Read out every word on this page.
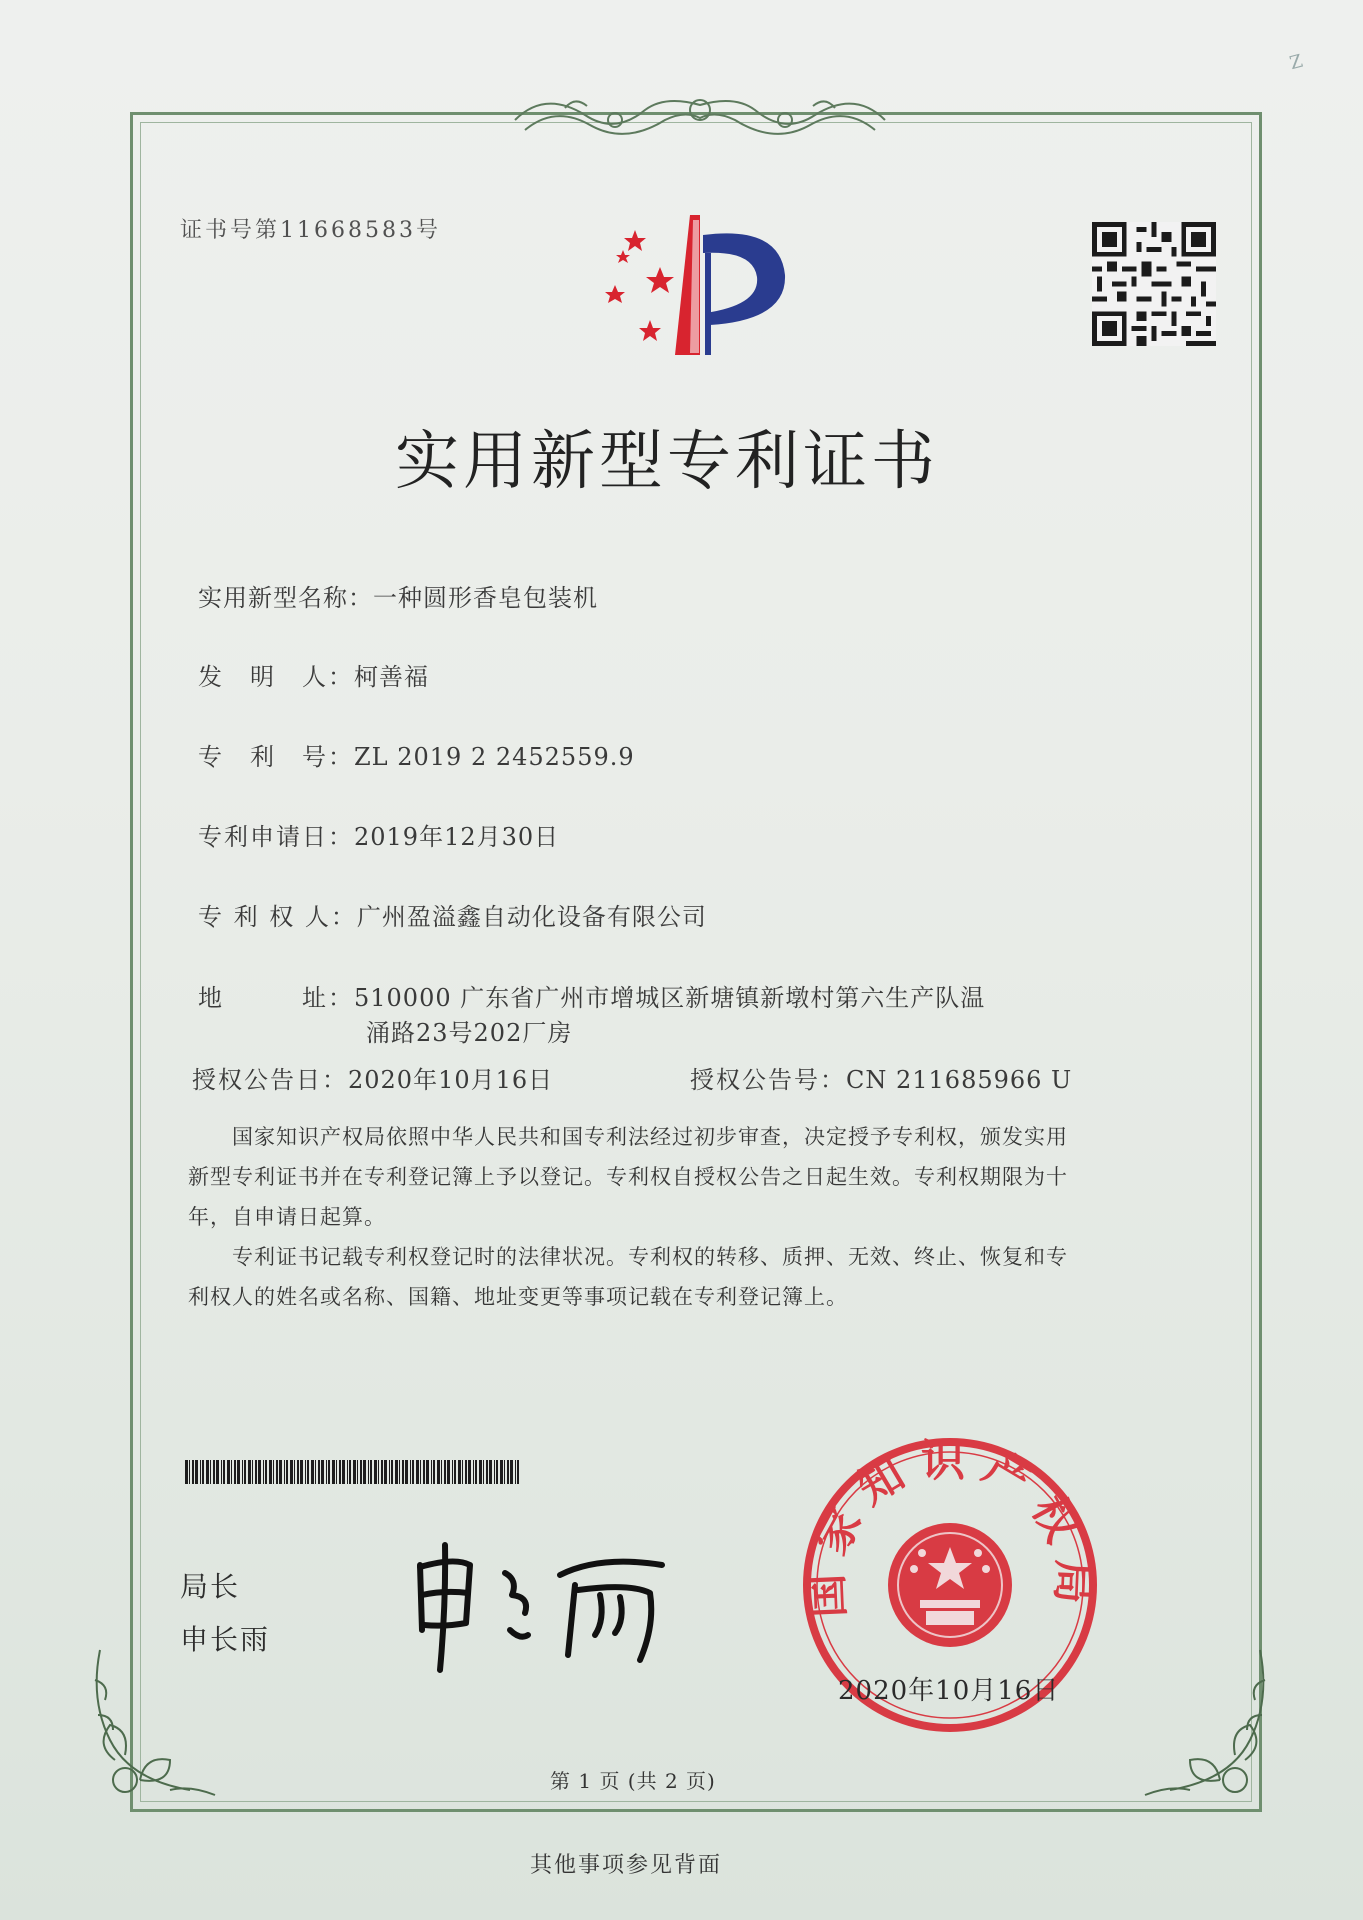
Z
证书号第11668583号
实用新型专利证书
实用新型名称：一种圆形香皂包装机
发　明　人：柯善福
专　利　号：ZL 2019 2 2452559.9
专利申请日：2019年12月30日
专 利 权 人：广州盈溢鑫自动化设备有限公司
地　　　址：510000 广东省广州市增城区新塘镇新墩村第六生产队温
涌路23号202厂房
授权公告日：2020年10月16日	授权公告号：CN 211685966 U
　　国家知识产权局依照中华人民共和国专利法经过初步审查，决定授予专利权，颁发实用
新型专利证书并在专利登记簿上予以登记。专利权自授权公告之日起生效。专利权期限为十
年，自申请日起算。
　　专利证书记载专利权登记时的法律状况。专利权的转移、质押、无效、终止、恢复和专
利权人的姓名或名称、国籍、地址变更等事项记载在专利登记簿上。
局长
申长雨
国家知识产权局
2020年10月16日
第 1 页 (共 2 页)
其他事项参见背面
